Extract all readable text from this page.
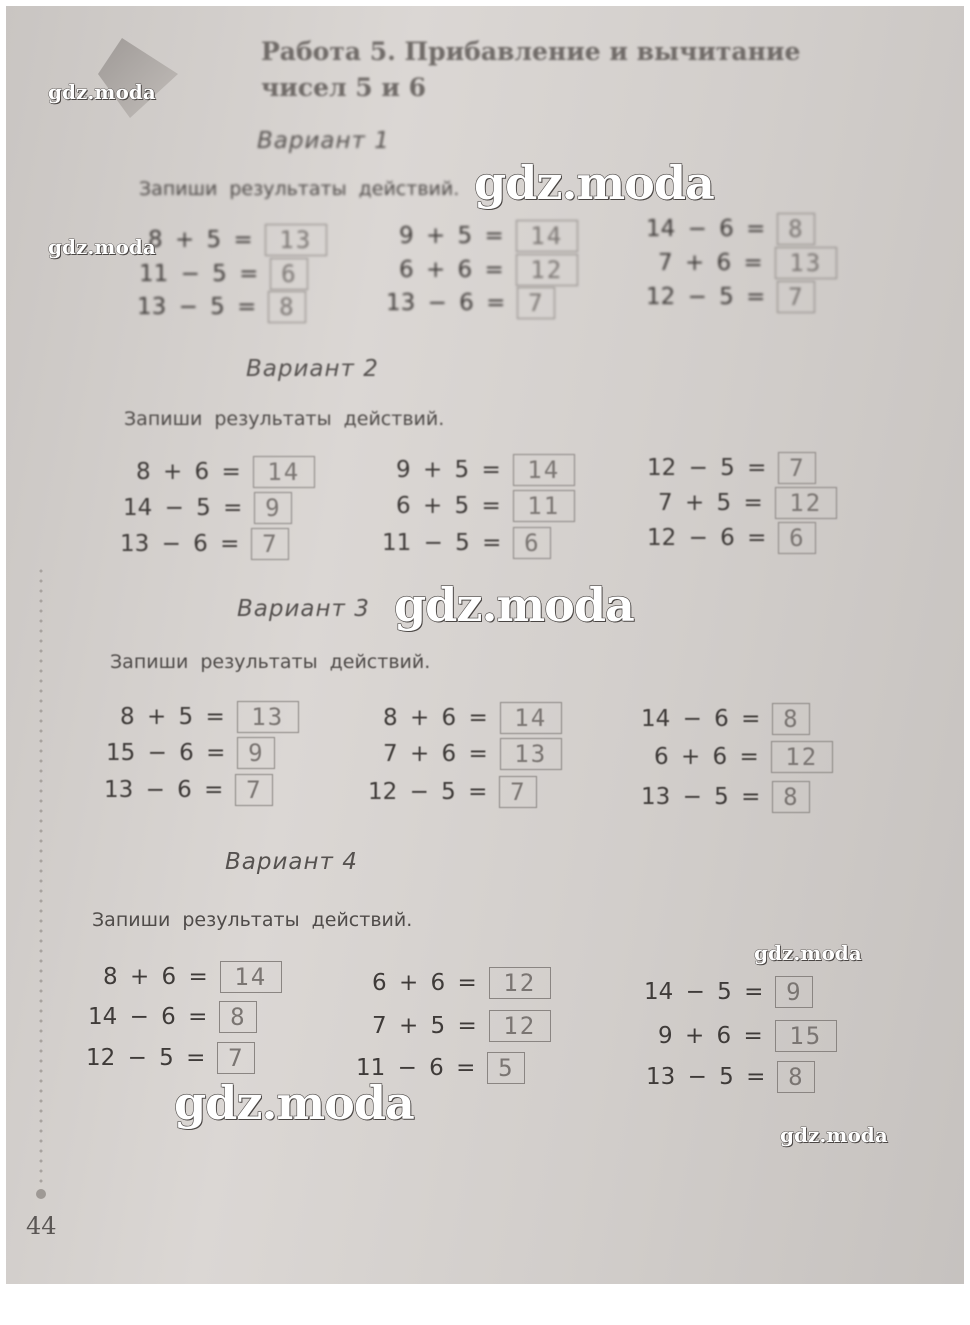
Работа 5. Прибавление и вычитание
чисел 5 и 6
Вариант 1
Запиши результаты действий.
8 + 5 =	13
11 − 5 = 6
13 − 5 = 8
9 + 5 =	14
6 + 6 =	12
13 − 6 = 7
14 − 6 = 8
7 + 6 =	13
12 − 5 = 7
Вариант 2
Запиши результаты действий.
8 + 6 =	14
14 − 5 = 9
13 − 6 = 7
9 + 5 =	14
6 + 5 =	11
11 − 5 = 6
12 − 5 = 7
7 + 5 =	12
12 − 6 = 6
Вариант 3
Запиши результаты действий.
8 + 5 =	13
15 − 6 = 9
13 − 6 = 7
8 + 6 =	14
7 + 6 =	13
12 − 5 = 7
14 − 6 = 8
6 + 6 =	12
13 − 5 = 8
Вариант 4
Запиши результаты действий.
8 + 6 =	14
14 − 6 = 8
12 − 5 = 7
6 + 6 =	12
7 + 5 =	12
11 − 6 = 5
14 − 5 = 9
9 + 6 =	15
13 − 5 = 8
44
gdz.moda
gdz.moda
gdz.moda
gdz.moda
gdz.moda
gdz.moda
gdz.moda
